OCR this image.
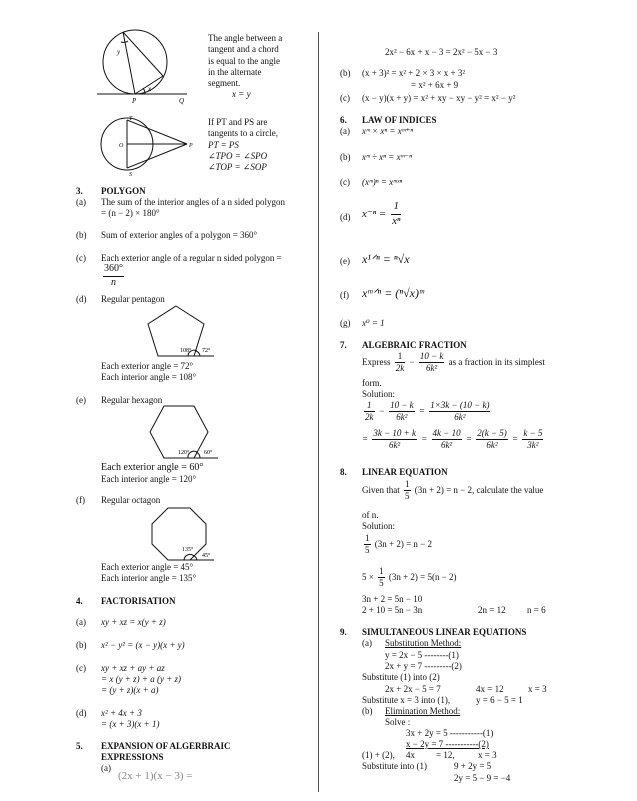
y
x
P	Q
The angle between a
tangent and a chord
is equal to the angle
in the alternate
segment.
x = y
T
O
S
P
If PT and PS are
tangents to a circle,
PT = PS
∠TPO = ∠SPO
∠TOP = ∠SOP
3. POLYGON
(a) The sum of the interior angles of a n sided polygon
= (n − 2) × 180°
(b) Sum of exterior angles of a polygon = 360°
(c) Each exterior angle of a regular n sided polygon =
$\frac{360^\circ}{n}$
(d) Regular pentagon
108° 72°
Each exterior angle = 72°
Each interior angle = 108°
(e) Regular hexagon
120° 60°
Each exterior angle = 60°
Each interior angle = 120°
(f) Regular octagon
135°
45°
Each exterior angle = 45°
Each interior angle = 135°
4. FACTORISATION
(a) xy + xz = x(y + z)
(b) x² − y² = (x − y)(x + y)
(c) xy + xz + ay + az
= x (y + z) + a (y + z)
= (y + z)(x + a)
(d) x² + 4x + 3
= (x + 3)(x + 1)
5. EXPANSION OF ALGERBRAIC
EXPRESSIONS
(a)
(2x + 1)(x − 3) =
2x² − 6x + x − 3 = 2x² − 5x − 3
(b) (x + 3)² = x² + 2 × 3 × x + 3²
= x² + 6x + 9
(c) (x − y)(x + y) = x² + xy − xy − y² = x² − y²
6. LAW OF INDICES
(a) xᵐ × xⁿ = xᵐ⁺ⁿ
(b) xᵐ ÷ xⁿ = xᵐ⁻ⁿ
(c) (xᵐ)ⁿ = xᵐˣⁿ
(d) $x^{-n} = \frac{1}{\text{xⁿ}}$
(e) x¹ᐟⁿ = ⁿ√x
(f) xᵐᐟⁿ = (ⁿ√x)ᵐ
(g) x⁰ = 1
7. ALGEBRAIC FRACTION
Express $\frac{1}{2k} - \frac{10 - k}{\text{6k²}}$ as a fraction in its simplest
form.
Solution:
$\frac{1}{2k} - \frac{10 - k}{\text{6k²}} = \frac{1\times 3k - (10 - k)}{\text{6k²}}$
= $\frac{3k - 10 + k}{\text{6k²}} = \frac{4k - 10}{\text{6k²}} = \frac{2(k - 5)}{\text{6k²}} = \frac{k - 5}{\text{3k²}}$
8. LINEAR EQUATION
Given that $\frac{1}{5} (3n + 2) = n - 2$, calculate the value
of n.
Solution:
$\frac{1}{5} (3n + 2) = n - 2$
$5 \times \frac{1}{5} (3n + 2) = 5(n - 2)$
3n + 2 = 5n − 10
2 + 10 = 5n − 3n	2n = 12 n = 6
9. SIMULTANEOUS LINEAR EQUATIONS
(a) Substitution Method:
y = 2x − 5 --------(1)
2x + y = 7 ---------(2)
Substitute (1) into (2)
2x + 2x − 5 = 7	4x = 12	x = 3
Substitute x = 3 into (1),	y = 6 − 5 = 1
(b) Elimination Method:
Solve :
3x + 2y = 5 -----------(1)
x − 2y = 7 -----------(2)
(1) + (2), 4x = 12,	x = 3
Substitute into (1)	9 + 2y = 5
2y = 5 − 9 = −4
